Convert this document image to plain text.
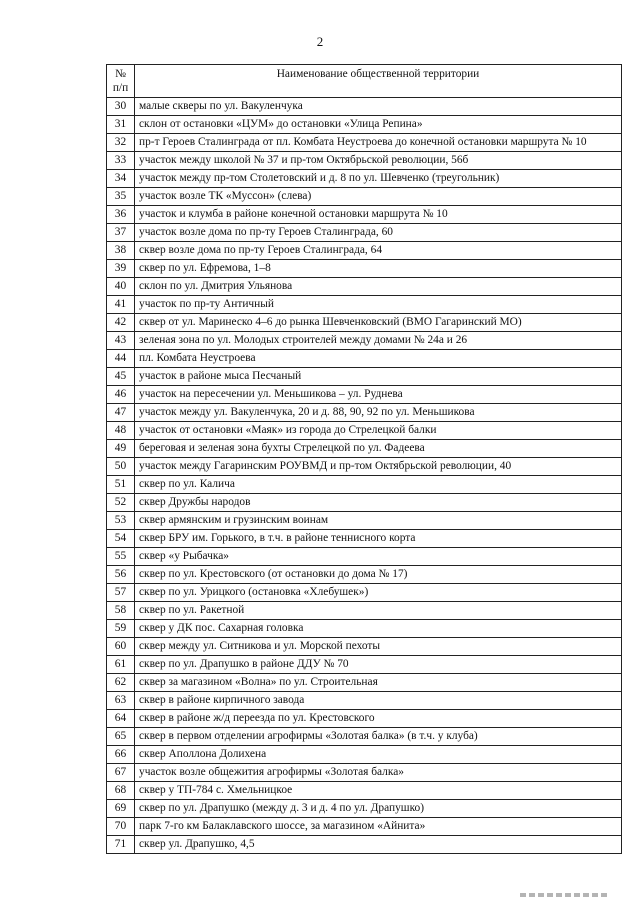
2
№ п/п	Наименование общественной территории
30	малые скверы по ул. Вакуленчука
31	склон от остановки «ЦУМ» до остановки «Улица Репина»
32	пр-т Героев Сталинграда от пл. Комбата Неустроева до конечной остановки маршрута № 10
33	участок между школой № 37 и пр-том Октябрьской революции, 56б
34	участок между пр-том Столетовский и д. 8 по ул. Шевченко (треугольник)
35	участок возле ТК «Муссон» (слева)
36	участок и клумба в районе конечной остановки маршрута № 10
37	участок возле дома по пр-ту Героев Сталинграда, 60
38	сквер возле дома по пр-ту Героев Сталинграда, 64
39	сквер по ул. Ефремова, 1–8
40	склон по ул. Дмитрия Ульянова
41	участок по пр-ту Античный
42	сквер от ул. Маринеско 4–6 до рынка Шевченковский (ВМО Гагаринский МО)
43	зеленая зона по ул. Молодых строителей между домами № 24а и 26
44	пл. Комбата Неустроева
45	участок в районе мыса Песчаный
46	участок на пересечении ул. Меньшикова – ул. Руднева
47	участок между ул. Вакуленчука, 20 и д. 88, 90, 92 по ул. Меньшикова
48	участок от остановки «Маяк» из города до Стрелецкой балки
49	береговая и зеленая зона бухты Стрелецкой по ул. Фадеева
50	участок между Гагаринским РОУВМД и пр-том Октябрьской революции, 40
51	сквер по ул. Калича
52	сквер Дружбы народов
53	сквер армянским и грузинским воинам
54	сквер БРУ им. Горького, в т.ч. в районе теннисного корта
55	сквер «у Рыбачка»
56	сквер по ул. Крестовского (от остановки до дома № 17)
57	сквер по ул. Урицкого (остановка «Хлебушек»)
58	сквер по ул. Ракетной
59	сквер у ДК пос. Сахарная головка
60	сквер между ул. Ситникова и ул. Морской пехоты
61	сквер по ул. Драпушко в районе ДДУ № 70
62	сквер за магазином «Волна» по ул. Строительная
63	сквер в районе кирпичного завода
64	сквер в районе ж/д переезда по ул. Крестовского
65	сквер в первом отделении агрофирмы «Золотая балка» (в т.ч. у клуба)
66	сквер Аполлона Долихена
67	участок возле общежития агрофирмы «Золотая балка»
68	сквер у ТП-784 с. Хмельницкое
69	сквер по ул. Драпушко (между д. 3 и д. 4 по ул. Драпушко)
70	парк 7-го км Балаклавского шоссе, за магазином «Айнита»
71	сквер ул. Драпушко, 4,5
